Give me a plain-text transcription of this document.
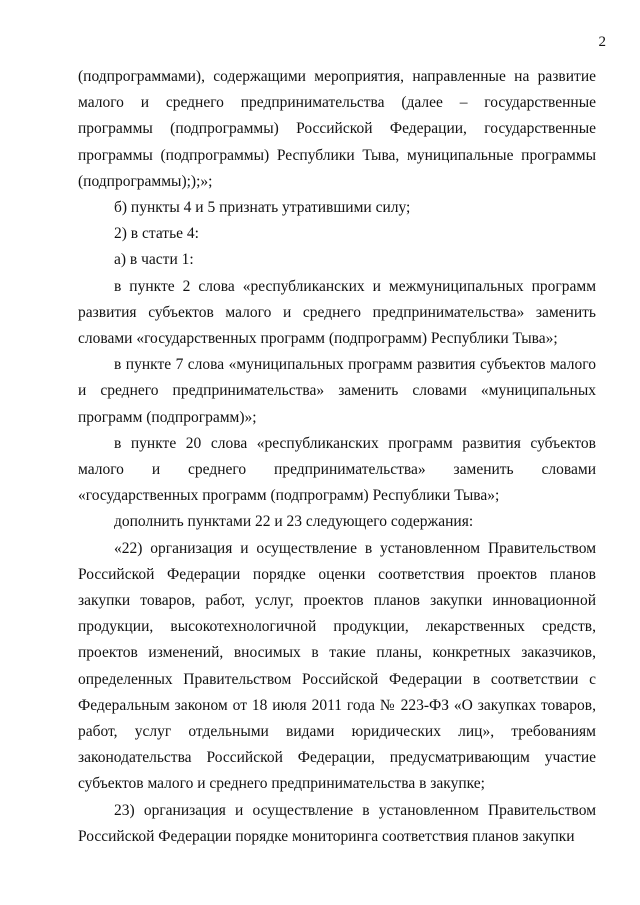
2

(подпрограммами), содержащими мероприятия, направленные на развитие малого и среднего предпринимательства (далее – государственные программы (подпрограммы) Российской Федерации, государственные программы (подпрограммы) Республики Тыва, муниципальные программы (подпрограммы););»;

б) пункты 4 и 5 признать утратившими силу;

2) в статье 4:

а) в части 1:

в пункте 2 слова «республиканских и межмуниципальных программ развития субъектов малого и среднего предпринимательства» заменить словами «государственных программ (подпрограмм) Республики Тыва»;

в пункте 7 слова «муниципальных программ развития субъектов малого и среднего предпринимательства» заменить словами «муниципальных программ (подпрограмм)»;

в пункте 20 слова «республиканских программ развития субъектов малого и среднего предпринимательства» заменить словами «государственных программ (подпрограмм) Республики Тыва»;

дополнить пунктами 22 и 23 следующего содержания:

«22) организация и осуществление в установленном Правительством Российской Федерации порядке оценки соответствия проектов планов закупки товаров, работ, услуг, проектов планов закупки инновационной продукции, высокотехнологичной продукции, лекарственных средств, проектов изменений, вносимых в такие планы, конкретных заказчиков, определенных Правительством Российской Федерации в соответствии с Федеральным законом от 18 июля 2011 года № 223-ФЗ «О закупках товаров, работ, услуг отдельными видами юридических лиц», требованиям законодательства Российской Федерации, предусматривающим участие субъектов малого и среднего предпринимательства в закупке;

23) организация и осуществление в установленном Правительством Российской Федерации порядке мониторинга соответствия планов закупки
